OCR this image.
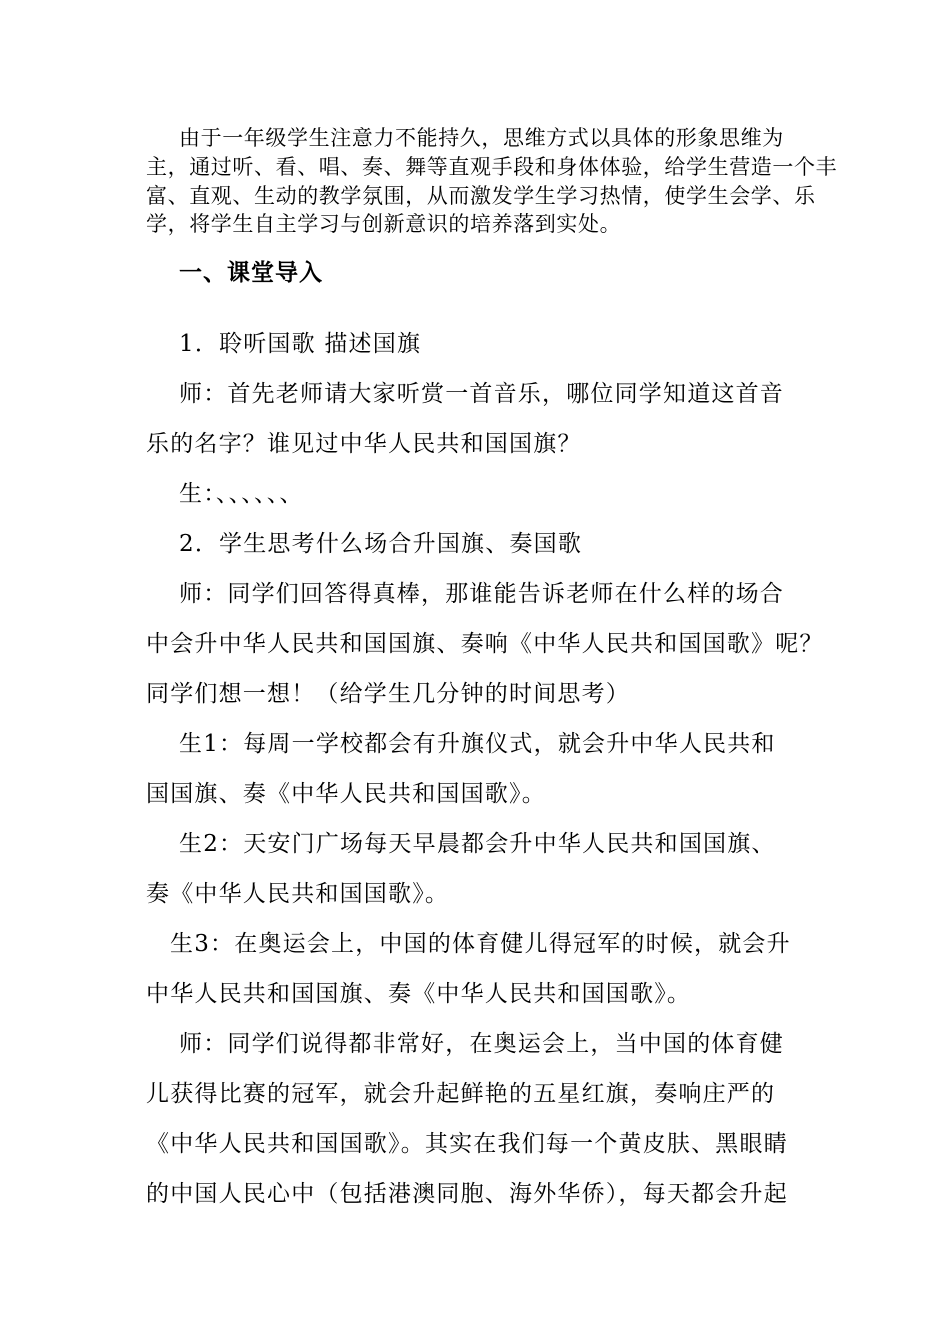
由于一年级学生注意力不能持久，思维方式以具体的形象思维为

主，通过听、看、唱、奏、舞等直观手段和身体体验，给学生营造一个丰

富、直观、生动的教学氛围，从而激发学生学习热情，使学生会学、乐

学，将学生自主学习与创新意识的培养落到实处。

一、课堂导入

1．聆听国歌 描述国旗

师：首先老师请大家听赏一首音乐，哪位同学知道这首音

乐的名字？谁见过中华人民共和国国旗？

生：、、、、、、

2．学生思考什么场合升国旗、奏国歌

师：同学们回答得真棒，那谁能告诉老师在什么样的场合

中会升中华人民共和国国旗、奏响《中华人民共和国国歌》呢？

同学们想一想！（给学生几分钟的时间思考）

生1：每周一学校都会有升旗仪式，就会升中华人民共和

国国旗、奏《中华人民共和国国歌》。

生2：天安门广场每天早晨都会升中华人民共和国国旗、

奏《中华人民共和国国歌》。

生3：在奥运会上，中国的体育健儿得冠军的时候，就会升

中华人民共和国国旗、奏《中华人民共和国国歌》。

师：同学们说得都非常好，在奥运会上，当中国的体育健

儿获得比赛的冠军，就会升起鲜艳的五星红旗，奏响庄严的

《中华人民共和国国歌》。其实在我们每一个黄皮肤、黑眼睛

的中国人民心中（包括港澳同胞、海外华侨），每天都会升起
